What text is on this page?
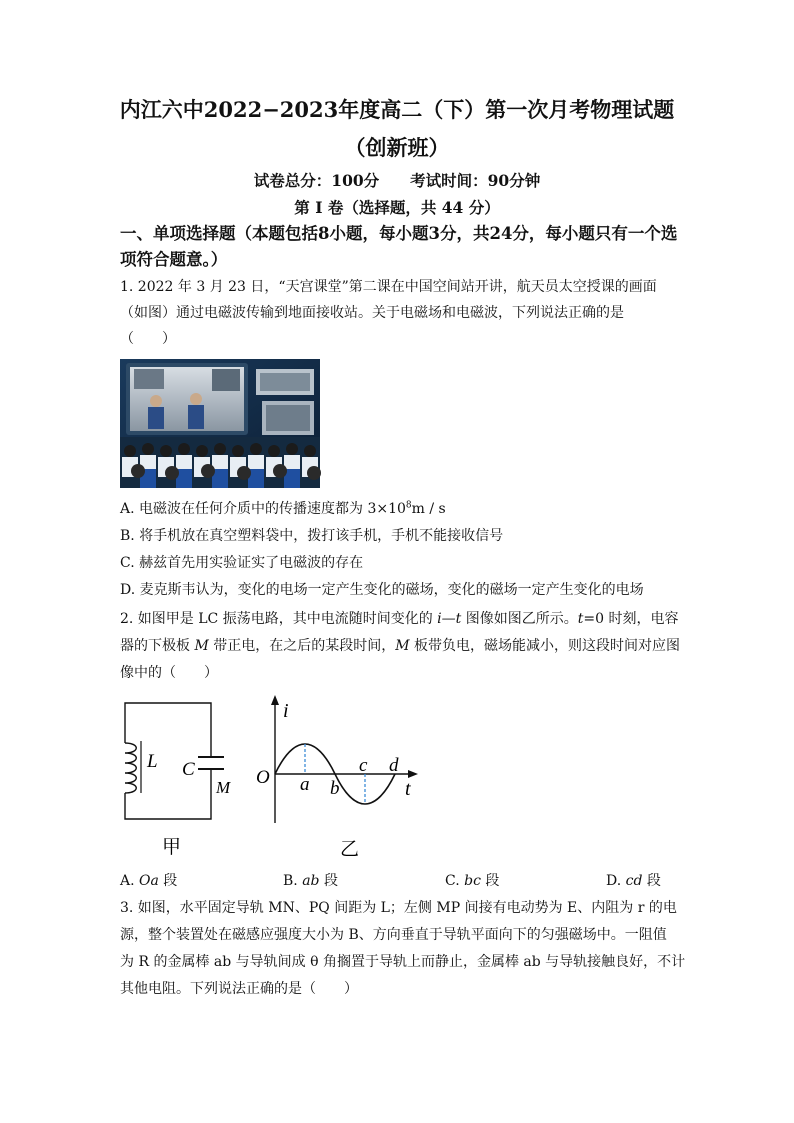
内江六中2022−2023年度高二（下）第一次月考物理试题
（创新班）
试卷总分：100分　　考试时间：90分钟
第 I 卷（选择题，共 44 分）
一、单项选择题（本题包括8小题，每小题3分，共24分，每小题只有一个选
项符合题意。）
1. 2022 年 3 月 23 日，“天宫课堂”第二课在中国空间站开讲，航天员太空授课的画面
（如图）通过电磁波传输到地面接收站。关于电磁场和电磁波，下列说法正确的是
（　　）
A. 电磁波在任何介质中的传播速度都为 $3\times 10^8m / s$
B. 将手机放在真空塑料袋中，拨打该手机，手机不能接收信号
C. 赫兹首先用实验证实了电磁波的存在
D. 麦克斯韦认为，变化的电场一定产生变化的磁场，变化的磁场一定产生变化的电场
2. 如图甲是 LC 振荡电路，其中电流随时间变化的 i—t 图像如图乙所示。t=0 时刻，电容
器的下极板 M 带正电，在之后的某段时间，M 板带负电，磁场能减小，则这段时间对应图
像中的（　　）
L C
M
甲
i
O a b
c d
t
乙
A. Oa 段	B. ab 段	C. bc 段	D. cd 段
3. 如图，水平固定导轨 MN、PQ 间距为 L；左侧 MP 间接有电动势为 E、内阻为 r 的电
源，整个装置处在磁感应强度大小为 B、方向垂直于导轨平面向下的匀强磁场中。一阻值
为 R 的金属棒 ab 与导轨间成 θ 角搁置于导轨上而静止，金属棒 ab 与导轨接触良好，不计
其他电阻。下列说法正确的是（　　）
